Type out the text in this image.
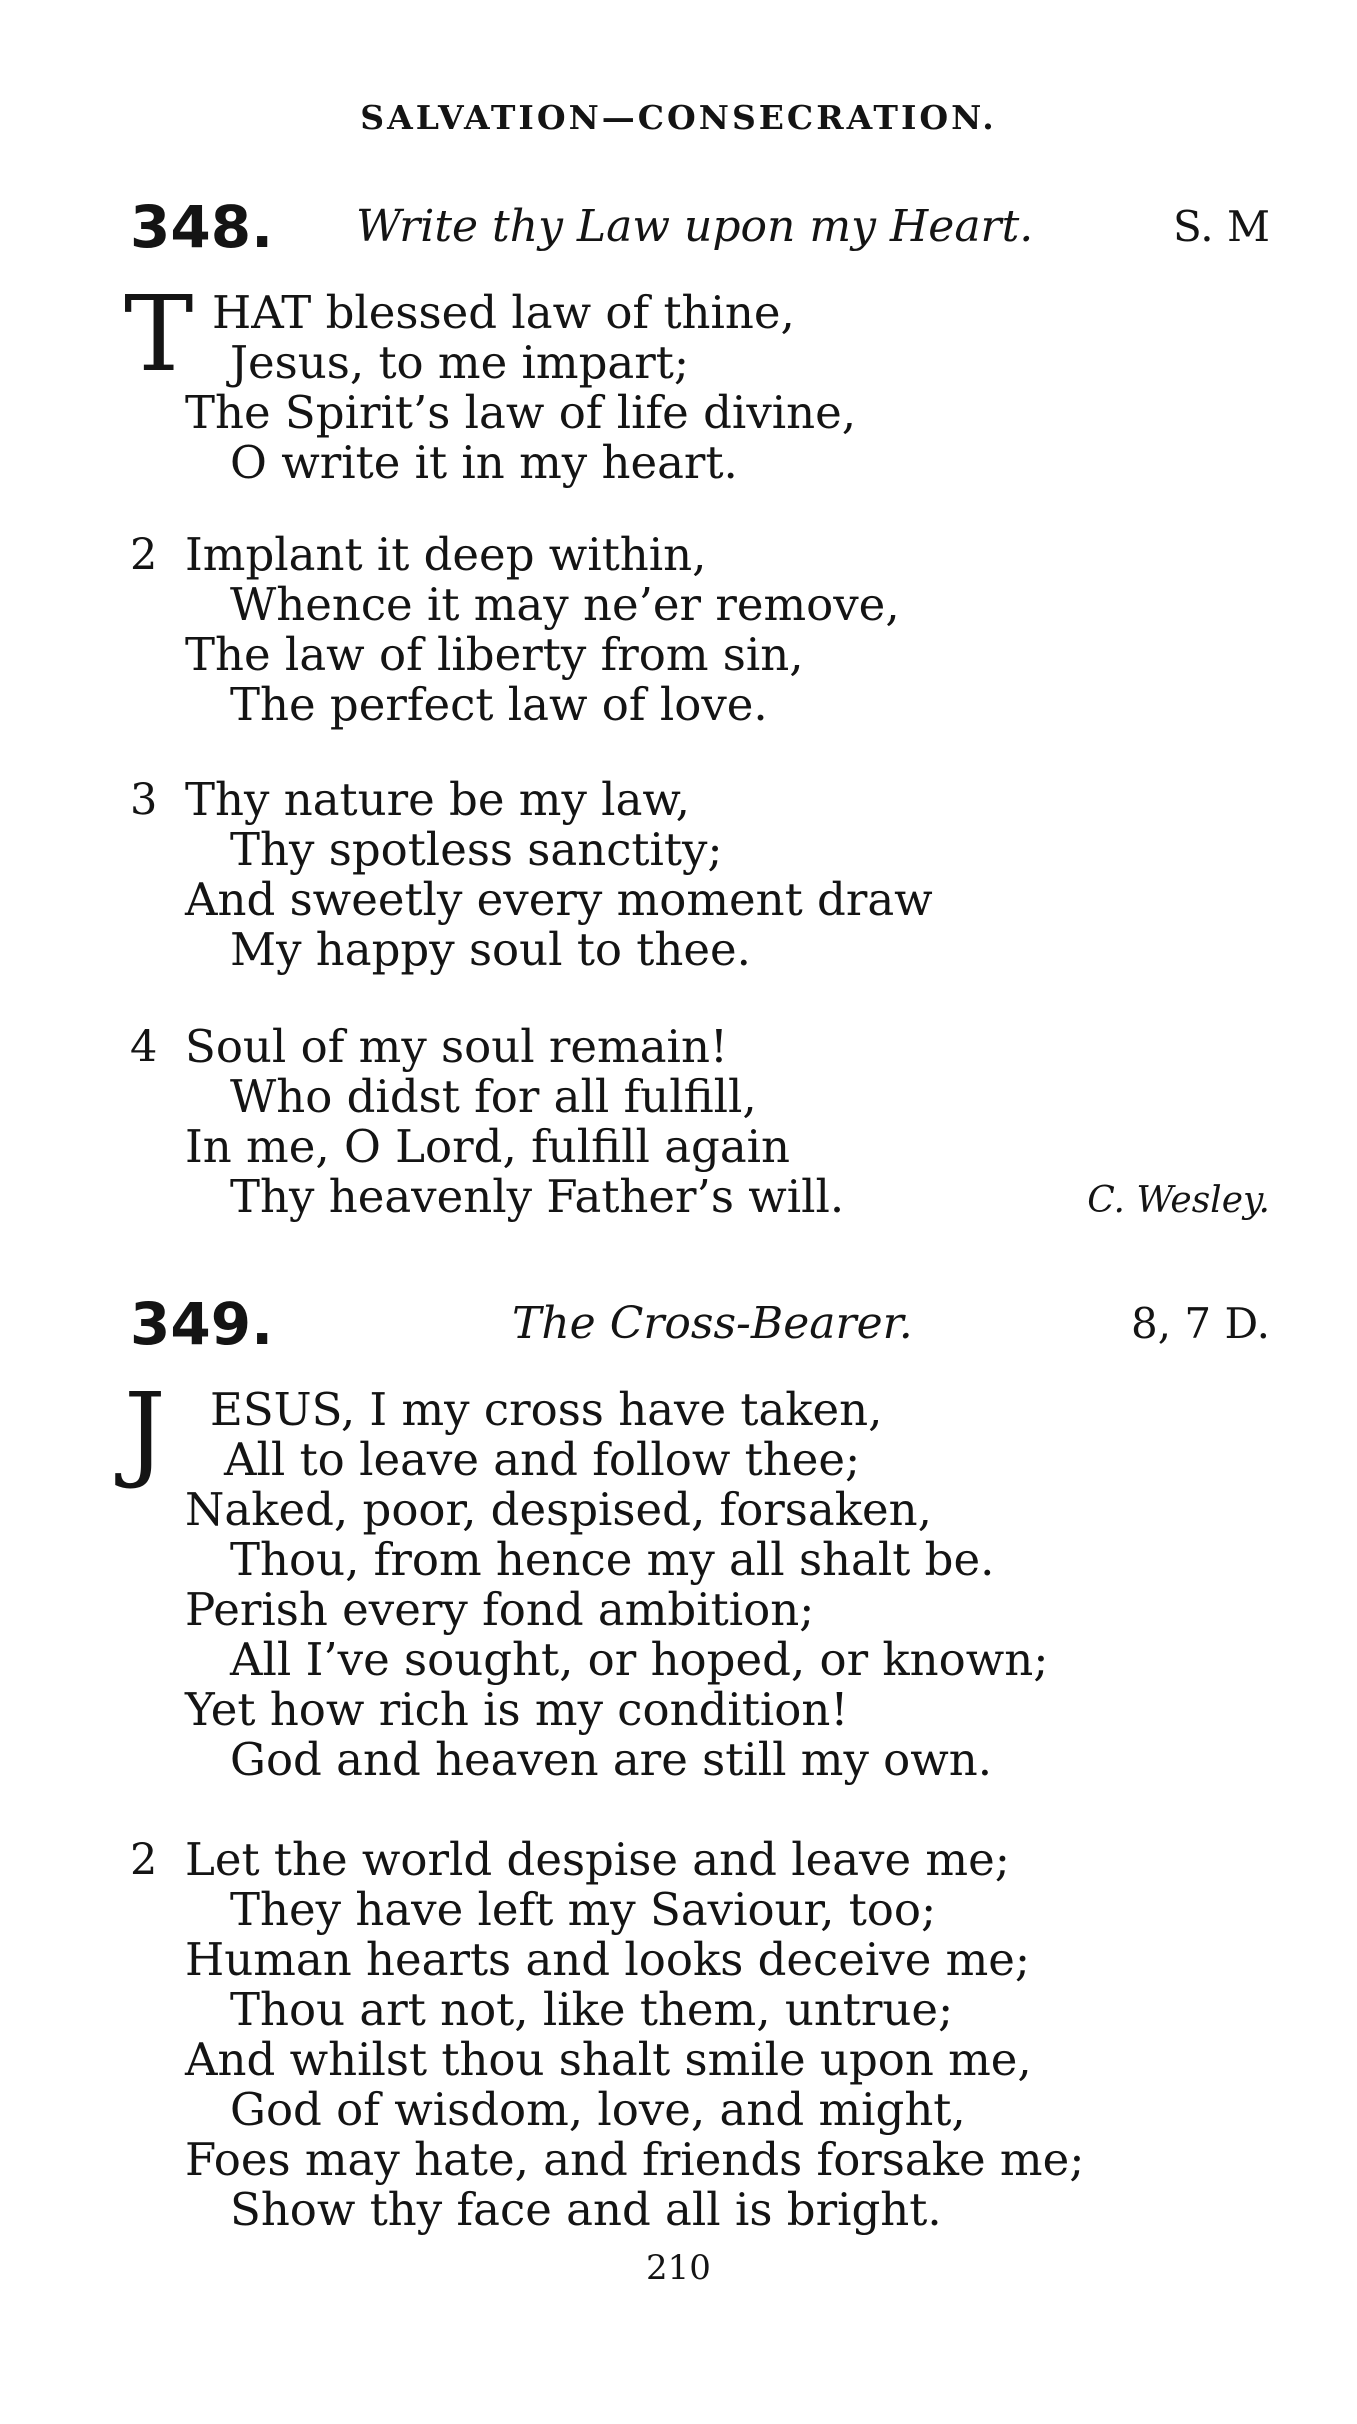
SALVATION—CONSECRATION.
348. Write thy Law upon my Heart.	S. M
T HAT blessed law of thine,
Jesus, to me impart;
The Spirit’s law of life divine,
O write it in my heart.
2 Implant it deep within,
Whence it may ne’er remove,
The law of liberty from sin,
The perfect law of love.
3 Thy nature be my law,
Thy spotless sanctity;
And sweetly every moment draw
My happy soul to thee.
4 Soul of my soul remain!
Who didst for all fulfill,
In me, O Lord, fulfill again
Thy heavenly Father’s will.	C. Wesley.
349.	The Cross-Bearer.	8, 7 D.
J ESUS, I my cross have taken,
All to leave and follow thee;
Naked, poor, despised, forsaken,
Thou, from hence my all shalt be.
Perish every fond ambition;
All I’ve sought, or hoped, or known;
Yet how rich is my condition!
God and heaven are still my own.
2 Let the world despise and leave me;
They have left my Saviour, too;
Human hearts and looks deceive me;
Thou art not, like them, untrue;
And whilst thou shalt smile upon me,
God of wisdom, love, and might,
Foes may hate, and friends forsake me;
Show thy face and all is bright.
210
